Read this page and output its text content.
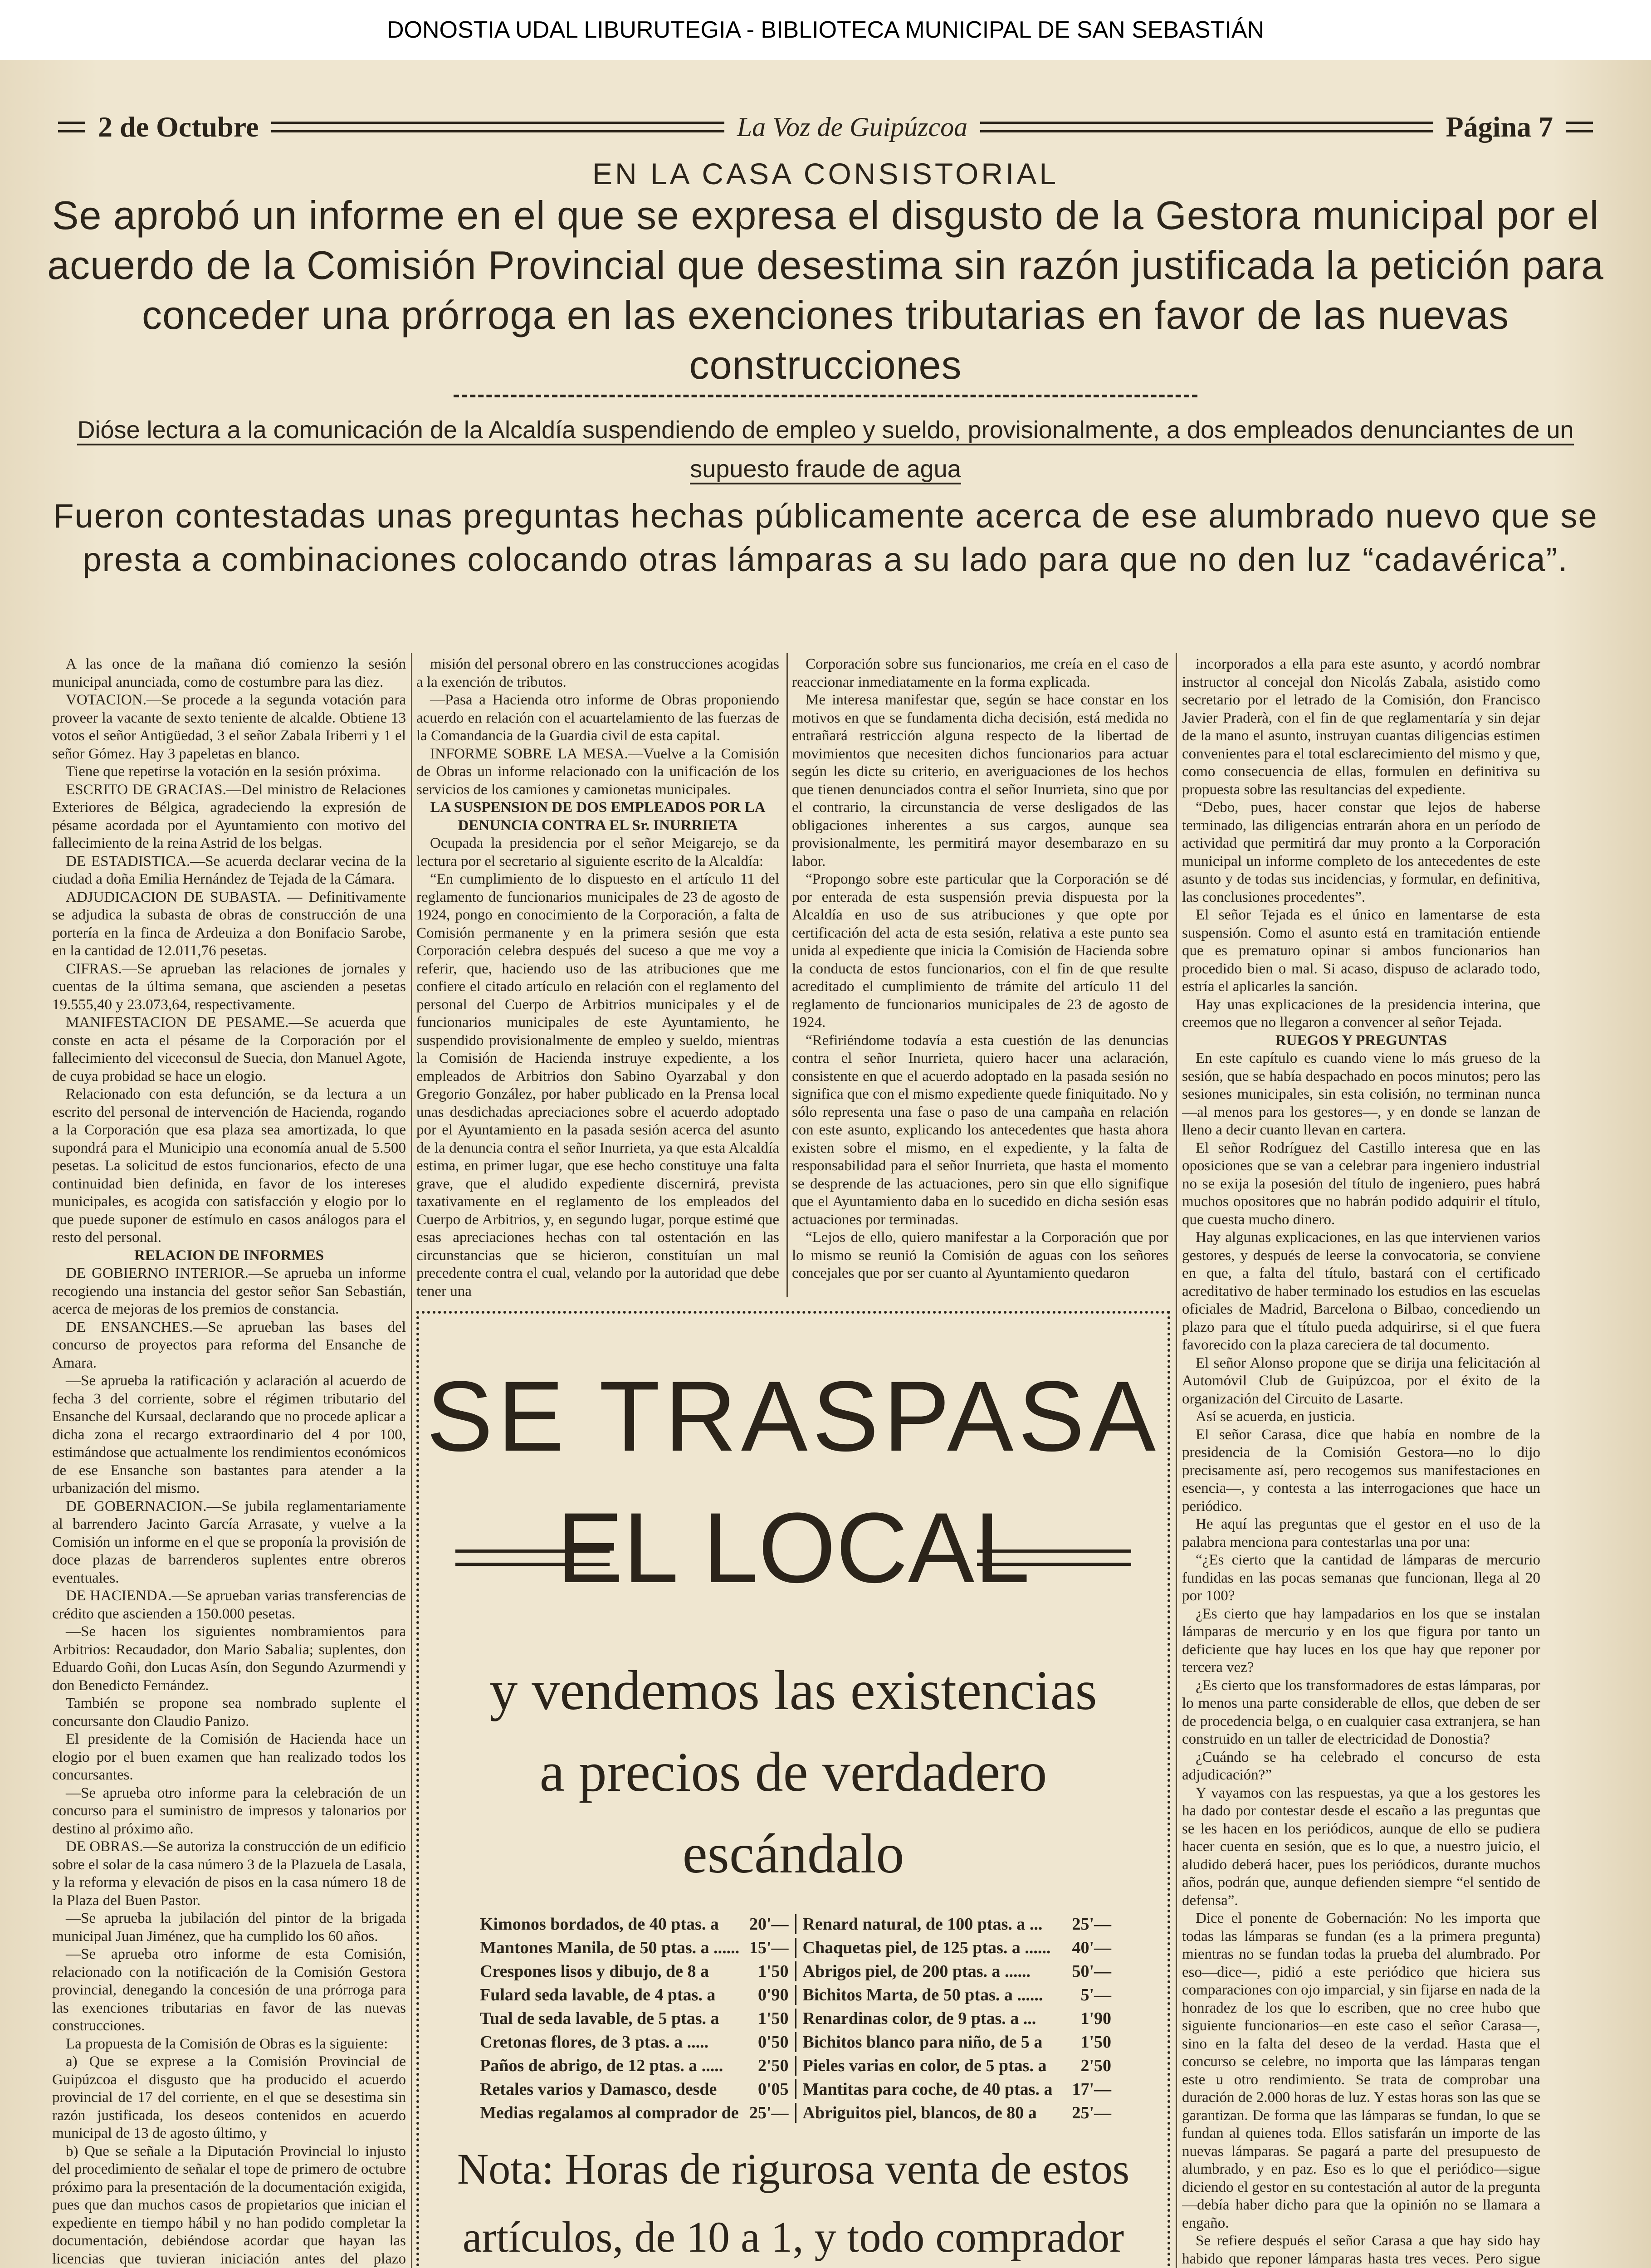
DONOSTIA UDAL LIBURUTEGIA - BIBLIOTECA MUNICIPAL DE SAN SEBASTIÁN
2 de Octubre	La Voz de Guipúzcoa	Página 7
EN LA CASA CONSISTORIAL
Se aprobó un informe en el que se expresa el disgusto de la Gestora municipal por el acuerdo de la Comisión Provincial que desestima sin razón justificada la petición para conceder una prórroga en las exenciones tributarias en favor de las nuevas construcciones
Dióse lectura a la comunicación de la Alcaldía suspendiendo de empleo y sueldo, provisionalmente, a dos empleados denunciantes de un supuesto fraude de agua
Fueron contestadas unas preguntas hechas públicamente acerca de ese alumbrado nuevo que se presta a combinaciones colocando otras lámparas a su lado para que no den luz “cadavérica”.

A las once de la mañana dió comienzo la sesión municipal anunciada, como de costumbre para las diez.

VOTACION.—Se procede a la segunda votación para proveer la vacante de sexto teniente de alcalde. Obtiene 13 votos el señor Antigüedad, 3 el señor Zabala Iriberri y 1 el señor Gómez. Hay 3 papeletas en blanco.

Tiene que repetirse la votación en la sesión próxima.

ESCRITO DE GRACIAS.—Del ministro de Relaciones Exteriores de Bélgica, agradeciendo la expresión de pésame acordada por el Ayuntamiento con motivo del fallecimiento de la reina Astrid de los belgas.

DE ESTADISTICA.—Se acuerda declarar vecina de la ciudad a doña Emilia Hernández de Tejada de la Cámara.

ADJUDICACION DE SUBASTA. — Definitivamente se adjudica la subasta de obras de construcción de una portería en la finca de Ardeuiza a don Bonifacio Sarobe, en la cantidad de 12.011,76 pesetas.

CIFRAS.—Se aprueban las relaciones de jornales y cuentas de la última semana, que ascienden a pesetas 19.555,40 y 23.073,64, respectivamente.

MANIFESTACION DE PESAME.—Se acuerda que conste en acta el pésame de la Corporación por el fallecimiento del viceconsul de Suecia, don Manuel Agote, de cuya probidad se hace un elogio.

Relacionado con esta defunción, se da lectura a un escrito del personal de intervención de Hacienda, rogando a la Corporación que esa plaza sea amortizada, lo que supondrá para el Municipio una economía anual de 5.500 pesetas. La solicitud de estos funcionarios, efecto de una continuidad bien definida, en favor de los intereses municipales, es acogida con satisfacción y elogio por lo que puede suponer de estímulo en casos análogos para el resto del personal.

RELACION DE INFORMES

DE GOBIERNO INTERIOR.—Se aprueba un informe recogiendo una instancia del gestor señor San Sebastián, acerca de mejoras de los premios de constancia.

DE ENSANCHES.—Se aprueban las bases del concurso de proyectos para reforma del Ensanche de Amara.

—Se aprueba la ratificación y aclaración al acuerdo de fecha 3 del corriente, sobre el régimen tributario del Ensanche del Kursaal, declarando que no procede aplicar a dicha zona el recargo extraordinario del 4 por 100, estimándose que actualmente los rendimientos económicos de ese Ensanche son bastantes para atender a la urbanización del mismo.

DE GOBERNACION.—Se jubila reglamentariamente al barrendero Jacinto García Arrasate, y vuelve a la Comisión un informe en el que se proponía la provisión de doce plazas de barrenderos suplentes entre obreros eventuales.

DE HACIENDA.—Se aprueban varias transferencias de crédito que ascienden a 150.000 pesetas.

—Se hacen los siguientes nombramientos para Arbitrios: Recaudador, don Mario Sabalia; suplentes, don Eduardo Goñi, don Lucas Asín, don Segundo Azurmendi y don Benedicto Fernández.

También se propone sea nombrado suplente el concursante don Claudio Panizo.

El presidente de la Comisión de Hacienda hace un elogio por el buen examen que han realizado todos los concursantes.

—Se aprueba otro informe para la celebración de un concurso para el suministro de impresos y talonarios por destino al próximo año.

DE OBRAS.—Se autoriza la construcción de un edificio sobre el solar de la casa número 3 de la Plazuela de Lasala, y la reforma y elevación de pisos en la casa número 18 de la Plaza del Buen Pastor.

—Se aprueba la jubilación del pintor de la brigada municipal Juan Jiménez, que ha cumplido los 60 años.

—Se aprueba otro informe de esta Comisión, relacionado con la notificación de la Comisión Gestora provincial, denegando la concesión de una prórroga para las exenciones tributarias en favor de las nuevas construcciones.

La propuesta de la Comisión de Obras es la siguiente:

a) Que se exprese a la Comisión Provincial de Guipúzcoa el disgusto que ha producido el acuerdo provincial de 17 del corriente, en el que se desestima sin razón justificada, los deseos contenidos en acuerdo municipal de 13 de agosto último, y

b) Que se señale a la Diputación Provincial lo injusto del procedimiento de señalar el tope de primero de octubre próximo para la presentación de la documentación exigida, pues que dan muchos casos de propietarios que inician el expediente en tiempo hábil y no han podido completar la documentación, debiéndose acordar que hayan las licencias que tuvieran iniciación antes del plazo

misión del personal obrero en las construcciones acogidas a la exención de tributos.

—Pasa a Hacienda otro informe de Obras proponiendo acuerdo en relación con el acuartelamiento de las fuerzas de la Comandancia de la Guardia civil de esta capital.

INFORME SOBRE LA MESA.—Vuelve a la Comisión de Obras un informe relacionado con la unificación de los servicios de los camiones y camionetas municipales.

LA SUSPENSION DE DOS EMPLEADOS POR LA DENUNCIA CONTRA EL Sr. INURRIETA

Ocupada la presidencia por el señor Meigarejo, se da lectura por el secretario al siguiente escrito de la Alcaldía:

“En cumplimiento de lo dispuesto en el artículo 11 del reglamento de funcionarios municipales de 23 de agosto de 1924, pongo en conocimiento de la Corporación, a falta de Comisión permanente y en la primera sesión que esta Corporación celebra después del suceso a que me voy a referir, que, haciendo uso de las atribuciones que me confiere el citado artículo en relación con el reglamento del personal del Cuerpo de Arbitrios municipales y el de funcionarios municipales de este Ayuntamiento, he suspendido provisionalmente de empleo y sueldo, mientras la Comisión de Hacienda instruye expediente, a los empleados de Arbitrios don Sabino Oyarzabal y don Gregorio González, por haber publicado en la Prensa local unas desdichadas apreciaciones sobre el acuerdo adoptado por el Ayuntamiento en la pasada sesión acerca del asunto de la denuncia contra el señor Inurrieta, ya que esta Alcaldía estima, en primer lugar, que ese hecho constituye una falta grave, que el aludido expediente discernirá, prevista taxativamente en el reglamento de los empleados del Cuerpo de Arbitrios, y, en segundo lugar, porque estimé que esas apreciaciones hechas con tal ostentación en las circunstancias que se hicieron, constituían un mal precedente contra el cual, velando por la autoridad que debe tener una

Corporación sobre sus funcionarios, me creía en el caso de reaccionar inmediatamente en la forma explicada.

Me interesa manifestar que, según se hace constar en los motivos en que se fundamenta dicha decisión, está medida no entrañará restricción alguna respecto de la libertad de movimientos que necesiten dichos funcionarios para actuar según les dicte su criterio, en averiguaciones de los hechos que tienen denunciados contra el señor Inurrieta, sino que por el contrario, la circunstancia de verse desligados de las obligaciones inherentes a sus cargos, aunque sea provisionalmente, les permitirá mayor desembarazo en su labor.

“Propongo sobre este particular que la Corporación se dé por enterada de esta suspensión previa dispuesta por la Alcaldía en uso de sus atribuciones y que opte por certificación del acta de esta sesión, relativa a este punto sea unida al expediente que inicia la Comisión de Hacienda sobre la conducta de estos funcionarios, con el fin de que resulte acreditado el cumplimiento de trámite del artículo 11 del reglamento de funcionarios municipales de 23 de agosto de 1924.

“Refiriéndome todavía a esta cuestión de las denuncias contra el señor Inurrieta, quiero hacer una aclaración, consistente en que el acuerdo adoptado en la pasada sesión no significa que con el mismo expediente quede finiquitado. No y sólo representa una fase o paso de una campaña en relación con este asunto, explicando los antecedentes que hasta ahora existen sobre el mismo, en el expediente, y la falta de responsabilidad para el señor Inurrieta, que hasta el momento se desprende de las actuaciones, pero sin que ello signifique que el Ayuntamiento daba en lo sucedido en dicha sesión esas actuaciones por terminadas.

“Lejos de ello, quiero manifestar a la Corporación que por lo mismo se reunió la Comisión de aguas con los señores concejales que por ser cuanto al Ayuntamiento quedaron

incorporados a ella para este asunto, y acordó nombrar instructor al concejal don Nicolás Zabala, asistido como secretario por el letrado de la Comisión, don Francisco Javier Praderà, con el fin de que reglamentaría y sin dejar de la mano el asunto, instruyan cuantas diligencias estimen convenientes para el total esclarecimiento del mismo y que, como consecuencia de ellas, formulen en definitiva su propuesta sobre las resultancias del expediente.

“Debo, pues, hacer constar que lejos de haberse terminado, las diligencias entrarán ahora en un período de actividad que permitirá dar muy pronto a la Corporación municipal un informe completo de los antecedentes de este asunto y de todas sus incidencias, y formular, en definitiva, las conclusiones procedentes”.

El señor Tejada es el único en lamentarse de esta suspensión. Como el asunto está en tramitación entiende que es prematuro opinar si ambos funcionarios han procedido bien o mal. Si acaso, dispuso de aclarado todo, estría el aplicarles la sanción.

Hay unas explicaciones de la presidencia interina, que creemos que no llegaron a convencer al señor Tejada.

RUEGOS Y PREGUNTAS

En este capítulo es cuando viene lo más grueso de la sesión, que se había despachado en pocos minutos; pero las sesiones municipales, sin esta colisión, no terminan nunca—al menos para los gestores—, y en donde se lanzan de lleno a decir cuanto llevan en cartera.

El señor Rodríguez del Castillo interesa que en las oposiciones que se van a celebrar para ingeniero industrial no se exija la posesión del título de ingeniero, pues habrá muchos opositores que no habrán podido adquirir el título, que cuesta mucho dinero.

Hay algunas explicaciones, en las que intervienen varios gestores, y después de leerse la convocatoria, se conviene en que, a falta del título, bastará con el certificado acreditativo de haber terminado los estudios en las escuelas oficiales de Madrid, Barcelona o Bilbao, concediendo un plazo para que el título pueda adquirirse, si el que fuera favorecido con la plaza careciera de tal documento.

El señor Alonso propone que se dirija una felicitación al Automóvil Club de Guipúzcoa, por el éxito de la organización del Circuito de Lasarte.

Así se acuerda, en justicia.

El señor Carasa, dice que había en nombre de la presidencia de la Comisión Gestora—no lo dijo precisamente así, pero recogemos sus manifestaciones en esencia—, y contesta a las interrogaciones que hace un periódico.

He aquí las preguntas que el gestor en el uso de la palabra menciona para contestarlas una por una:

“¿Es cierto que la cantidad de lámparas de mercurio fundidas en las pocas semanas que funcionan, llega al 20 por 100?

¿Es cierto que hay lampadarios en los que se instalan lámparas de mercurio y en los que figura por tanto un deficiente que hay luces en los que hay que reponer por tercera vez?

¿Es cierto que los transformadores de estas lámparas, por lo menos una parte considerable de ellos, que deben de ser de procedencia belga, o en cualquier casa extranjera, se han construido en un taller de electricidad de Donostia?

¿Cuándo se ha celebrado el concurso de esta adjudicación?”

Y vayamos con las respuestas, ya que a los gestores les ha dado por contestar desde el escaño a las preguntas que se les hacen en los periódicos, aunque de ello se pudiera hacer cuenta en sesión, que es lo que, a nuestro juicio, el aludido deberá hacer, pues los periódicos, durante muchos años, podrán que, aunque defienden siempre “el sentido de defensa”.

Dice el ponente de Gobernación: No les importa que todas las lámparas se fundan (es a la primera pregunta) mientras no se fundan todas la prueba del alumbrado. Por eso—dice—, pidió a este periódico que hiciera sus comparaciones con ojo imparcial, y sin fijarse en nada de la honradez de los que lo escriben, que no cree hubo que siguiente funcionarios—en este caso el señor Carasa—, sino en la falta del deseo de la verdad. Hasta que el concurso se celebre, no importa que las lámparas tengan este u otro rendimiento. Se trata de comprobar una duración de 2.000 horas de luz. Y estas horas son las que se garantizan. De forma que las lámparas se fundan, lo que se fundan al quienes toda. Ellos satisfarán un importe de las nuevas lámparas. Se pagará a parte del presupuesto de alumbrado, y en paz. Eso es lo que el periódico—sigue diciendo el gestor en su contestación al autor de la pregunta—debía haber dicho para que la opinión no se llamara a engaño.

Se refiere después el señor Carasa a que hay sido hay habido que reponer lámparas hasta tres veces. Pero sigue

SE TRASPASA
EL LOCAL
y vendemos las existencias
a precios de verdadero
escándalo
Kimonos bordados, de 40 ptas. a 20'— Renard natural, de 100 ptas. a ... 25'—
Mantones Manila, de 50 ptas. a ...... 15'— Chaquetas piel, de 125 ptas. a ...... 40'—
Crespones lisos y dibujo, de 8 a	1'50 Abrigos piel, de 200 ptas. a ...... 50'—
Fulard seda lavable, de 4 ptas. a 0'90 Bichitos Marta, de 50 ptas. a ...... 5'—
Tual de seda lavable, de 5 ptas. a 1'50 Renardinas color, de 9 ptas. a ...	1'90
Cretonas flores, de 3 ptas. a .....	0'50 Bichitos blanco para niño, de 5 a 1'50
Paños de abrigo, de 12 ptas. a ..... 2'50 Pieles varias en color, de 5 ptas. a 2'50
Retales varios y Damasco, desde 0'05 Mantitas para coche, de 40 ptas. a 17'—
Medias regalamos al comprador de 25'— Abriguitos piel, blancos, de 80 a 25'—
Nota: Horas de rigurosa venta de estos
artículos, de 10 a 1, y todo comprador
